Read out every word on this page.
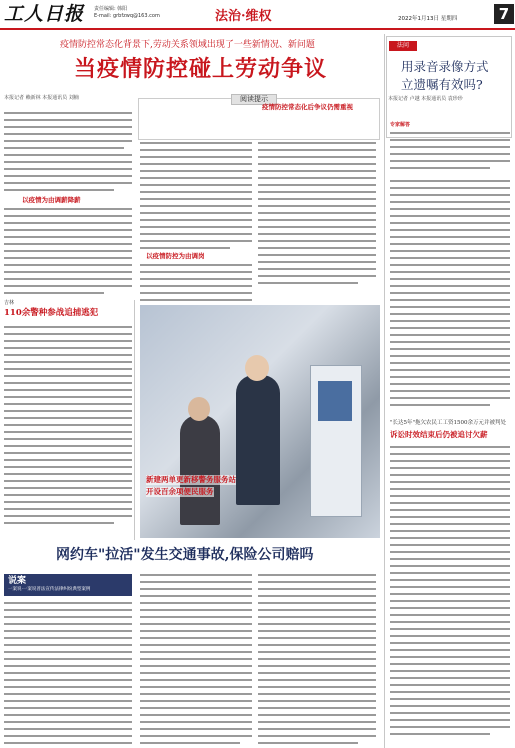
工人日报 责任编辑: 韩阳
E-mail: grbfzwq@163.com	法治·维权	2022年1月13日 星期四	7
疫情防控常态化背景下,劳动关系领域出现了一些新情况、新问题
当疫情防控碰上劳动争议
本报记者 赖新林 本报通讯员 刘楠
法问
用录音录像方式
立遗嘱有效吗?
本报记者 卢越 本报通讯员 袁珍珍
阅读提示
以疫情为由调薪降薪
以疫情防控为由调岗
疫情防控常态化后争议仍需重视
专家解答
"长达5年"拖欠农民工工资1500余万元并被判处
诉讼时效结束后仍被追讨欠薪
吉林
110余警种参战追捕逃犯
新建两单更新移警务服务站
开设百余项便民服务
网约车"拉活"发生交通事故,保险公司赔吗
说案
一案说·一案说普法宣传法律纠纷典型案例
